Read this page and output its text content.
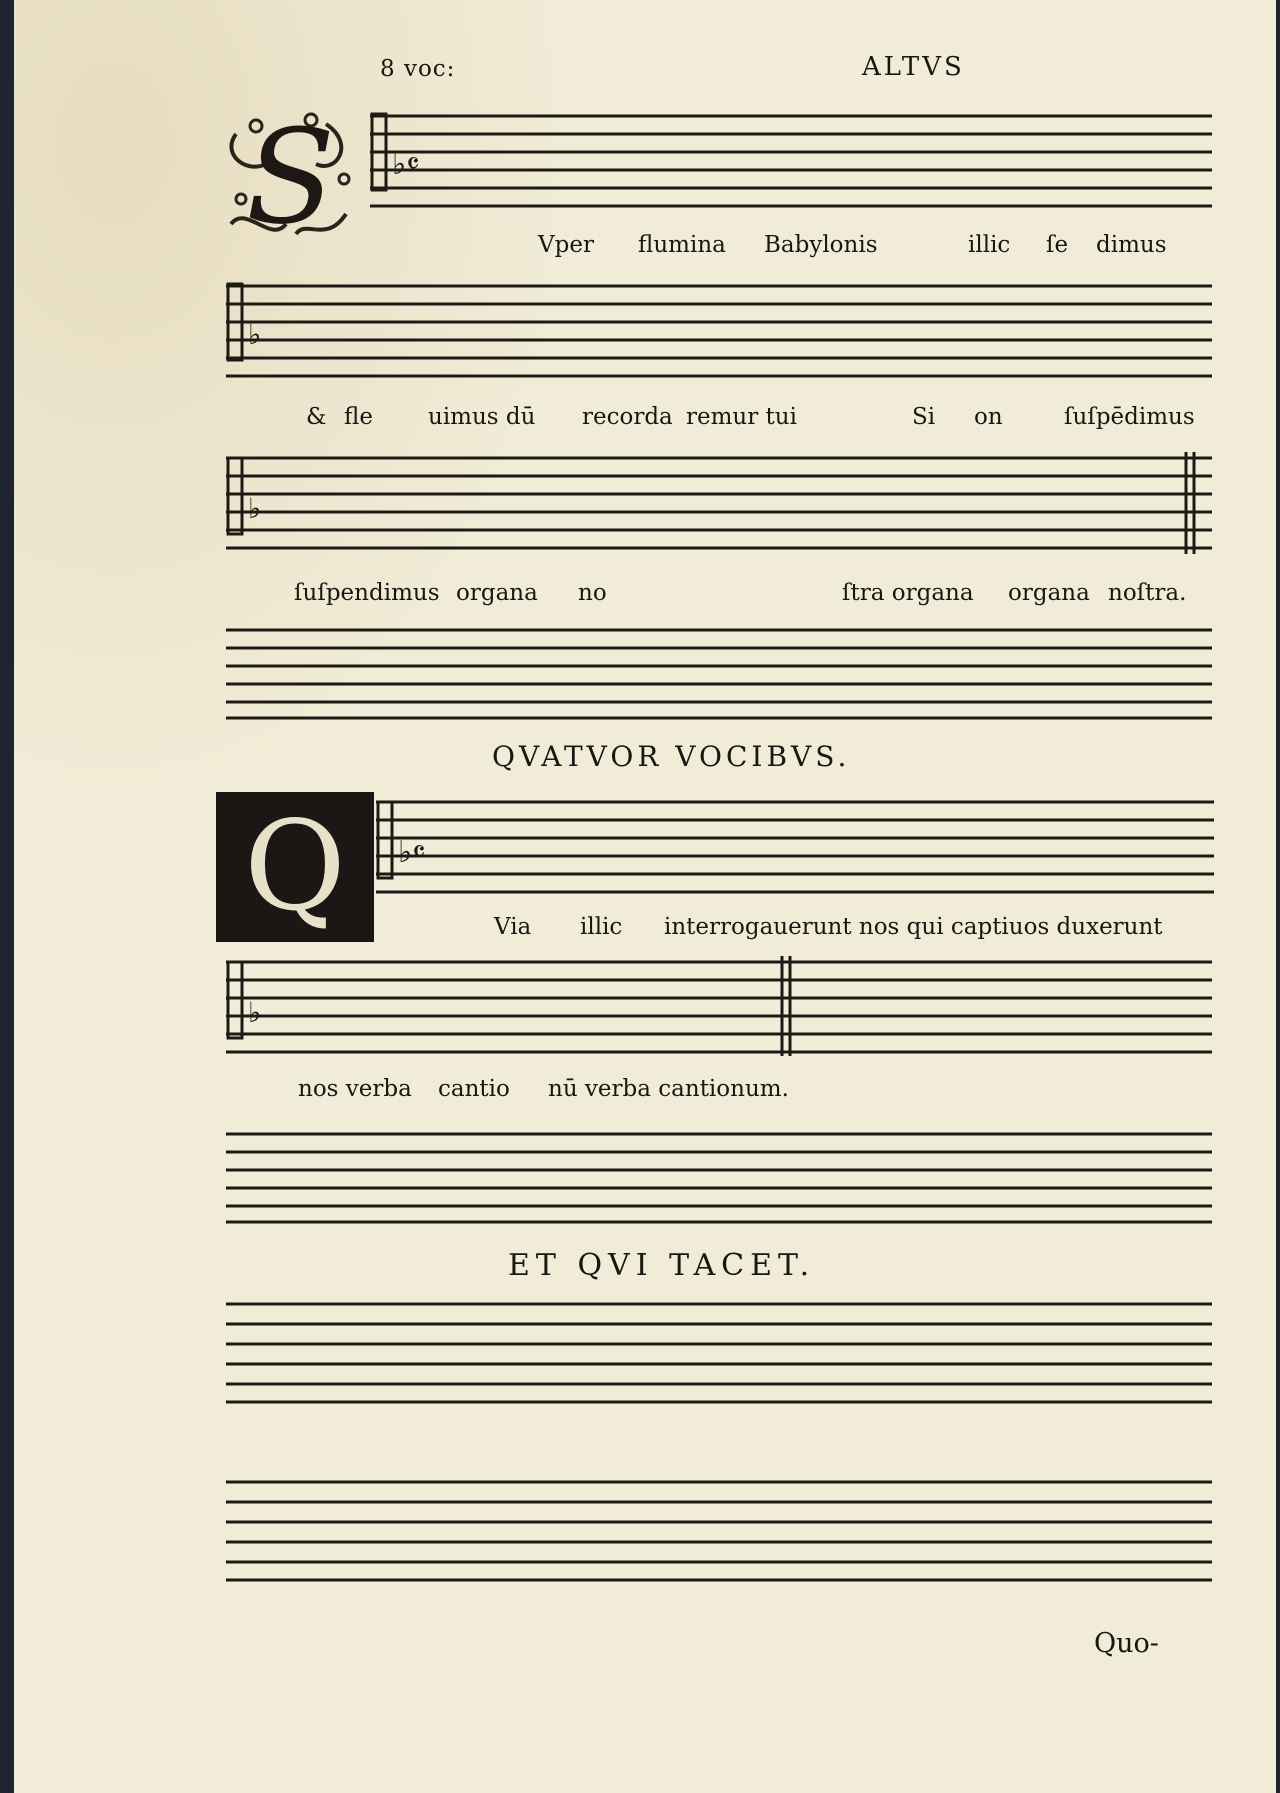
8 voc:	ALTVS
S ♭𝄴
Vper flumina Babylonis	illic ſe dimus
♭
& fle uimus dū recorda remur tui	Si on	ſuſpēdimus
♭
ſuſpendimus organa no	ſtra organa organa noſtra.
QVATVOR VOCIBVS.
Q	♭𝄴
Via illic interrogauerunt nos qui captiuos duxerunt
♭
nos verba cantio nū verba cantionum.
ET QVI TACET.
Quo-
